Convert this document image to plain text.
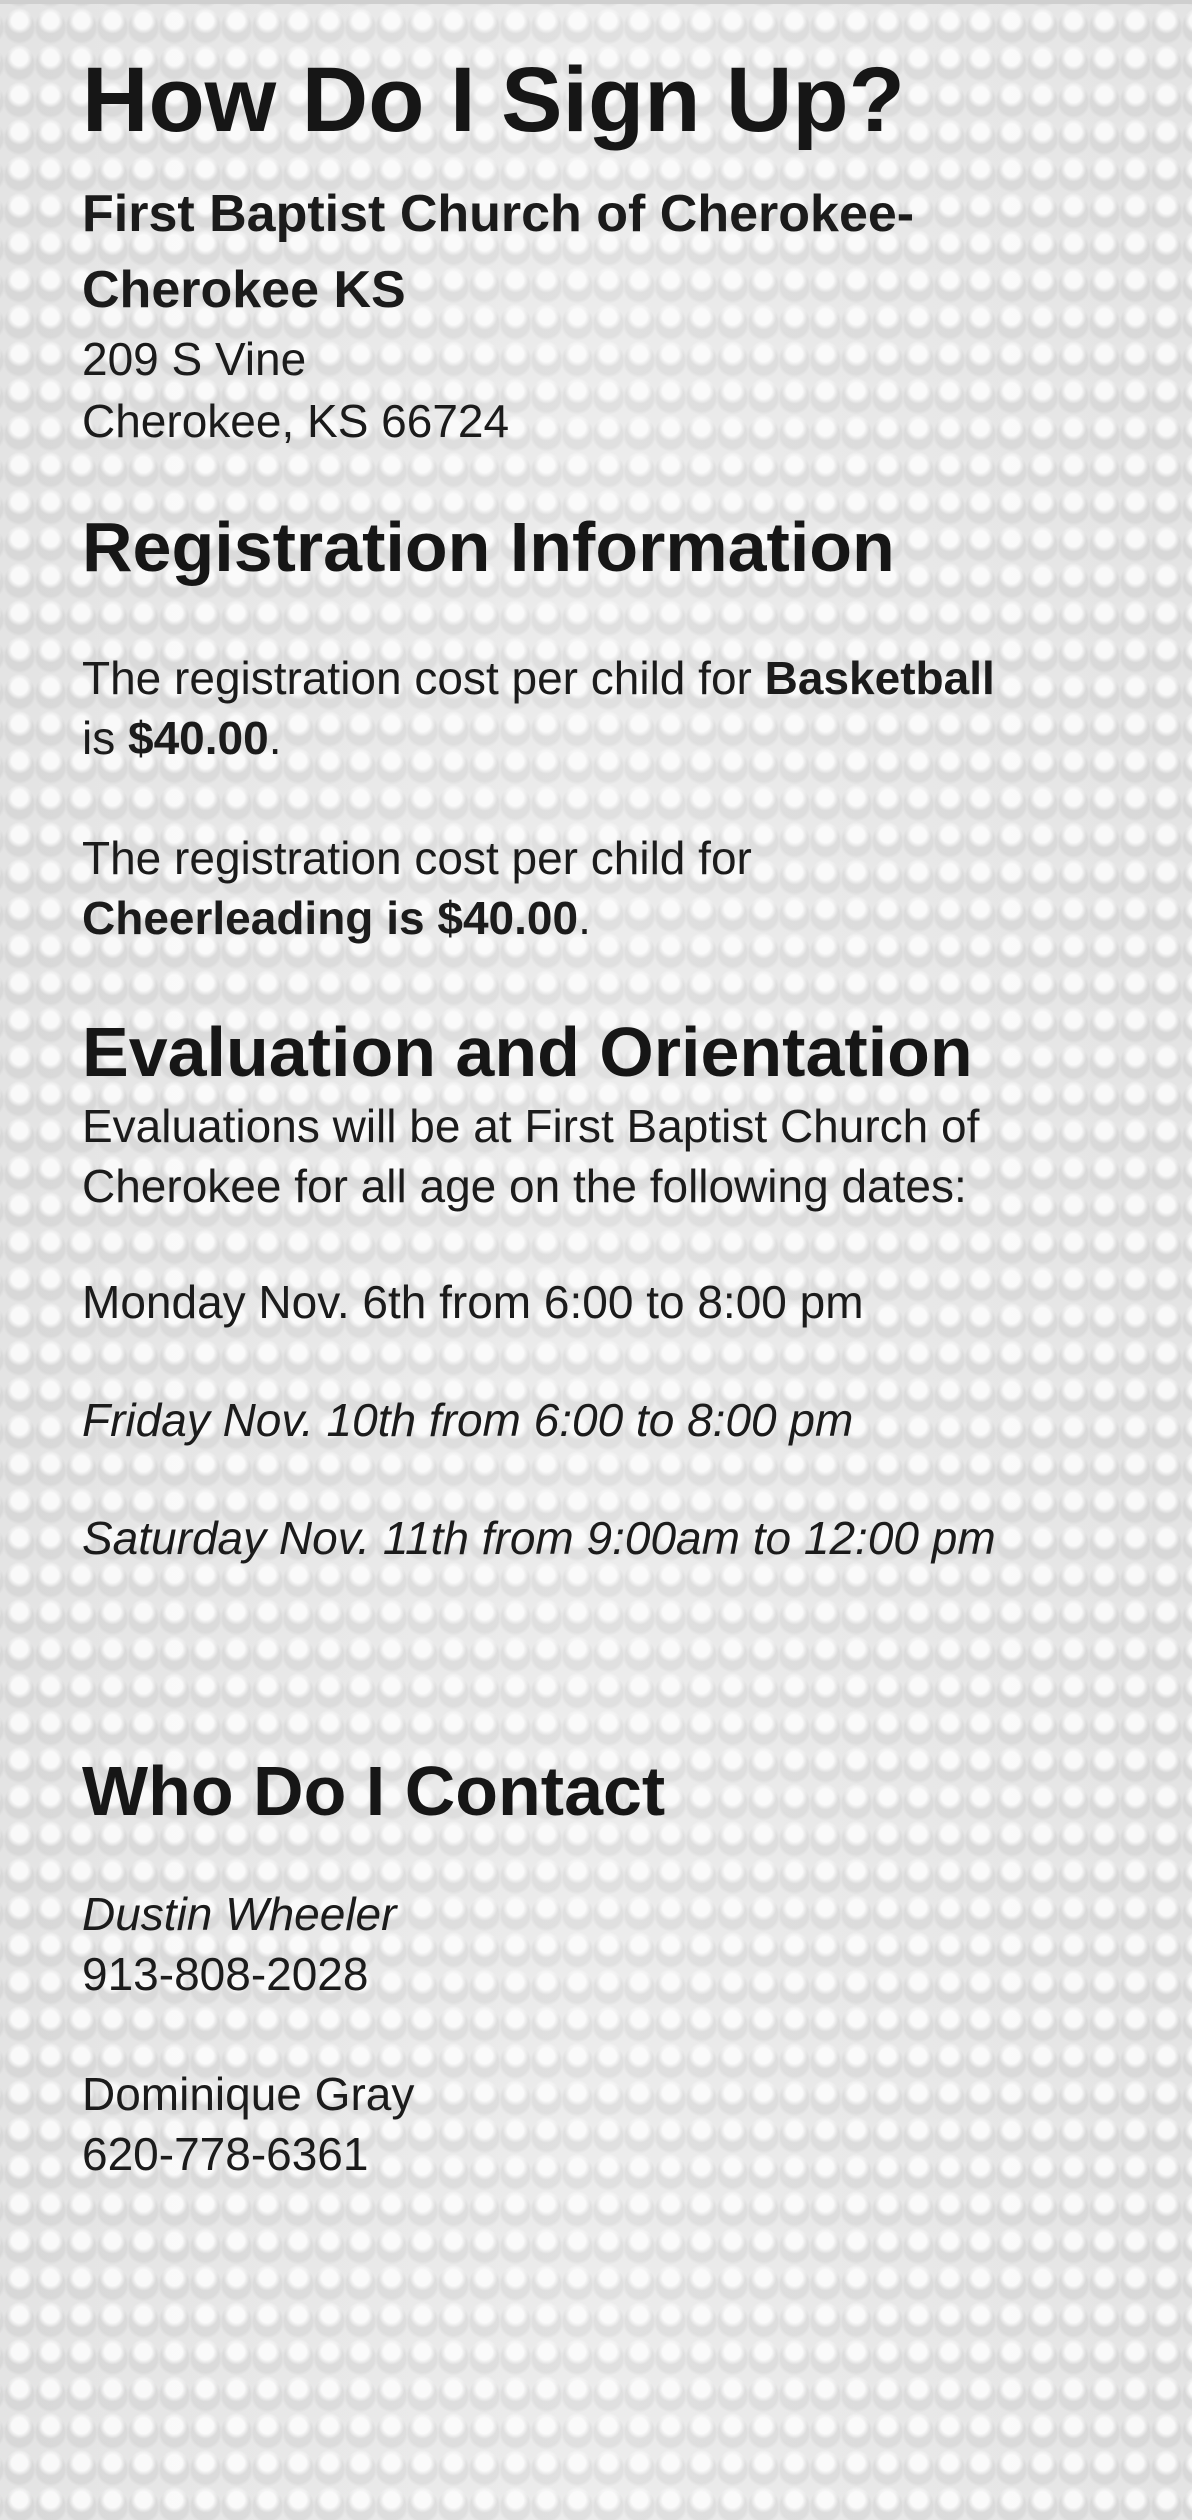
How Do I Sign Up?

First Baptist Church of Cherokee-
Cherokee KS

209 S Vine

Cherokee, KS 66724

Registration Information

The registration cost per child for Basketball
is $40.00.

The registration cost per child for
Cheerleading is $40.00.

Evaluation and Orientation

Evaluations will be at First Baptist Church of
Cherokee for all age on the following dates:

Monday Nov. 6th from 6:00 to 8:00 pm

Friday Nov. 10th from 6:00 to 8:00 pm

Saturday Nov. 11th from 9:00am to 12:00 pm

Who Do I Contact

Dustin Wheeler

913-808-2028

Dominique Gray

620-778-6361
